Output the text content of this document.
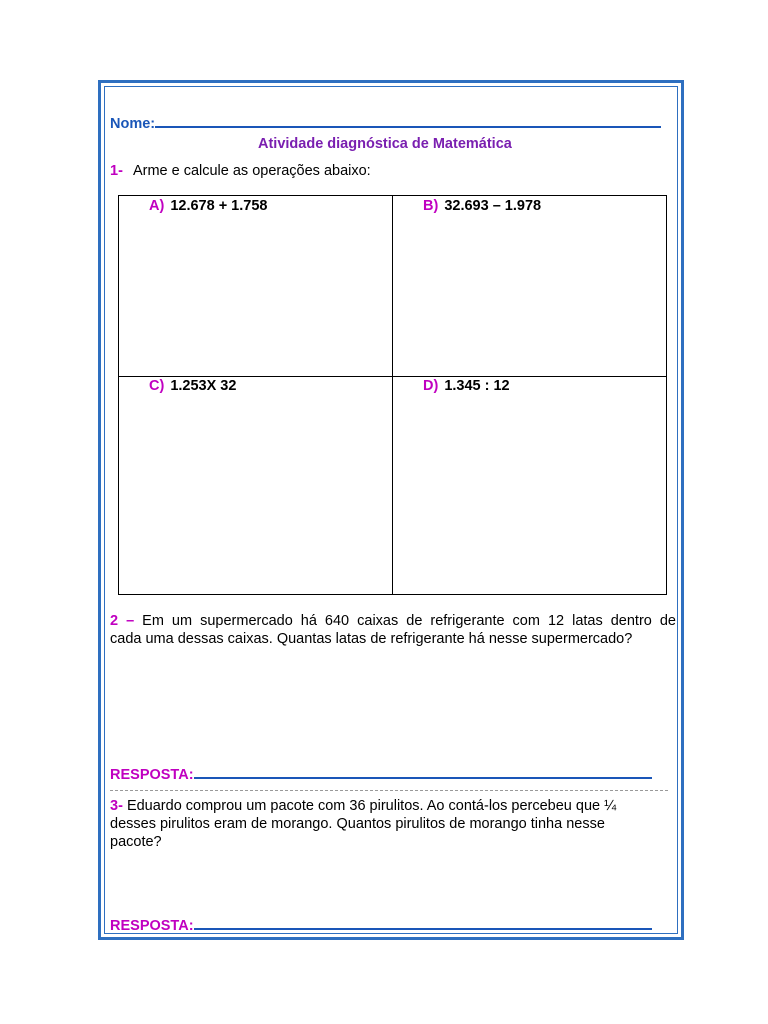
Nome:
Atividade diagnóstica de Matemática
1- Arme e calcule as operações abaixo:
A) 12.678 + 1.758	B) 32.693 – 1.978
C) 1.253X 32	D) 1.345 : 12
2 – Em um supermercado há 640 caixas de refrigerante com 12 latas dentro de
cada uma dessas caixas. Quantas latas de refrigerante há nesse supermercado?
RESPOSTA:
3- Eduardo comprou um pacote com 36 pirulitos. Ao contá-los percebeu que ¼
desses pirulitos eram de morango. Quantos pirulitos de morango tinha nesse
pacote?
RESPOSTA:
